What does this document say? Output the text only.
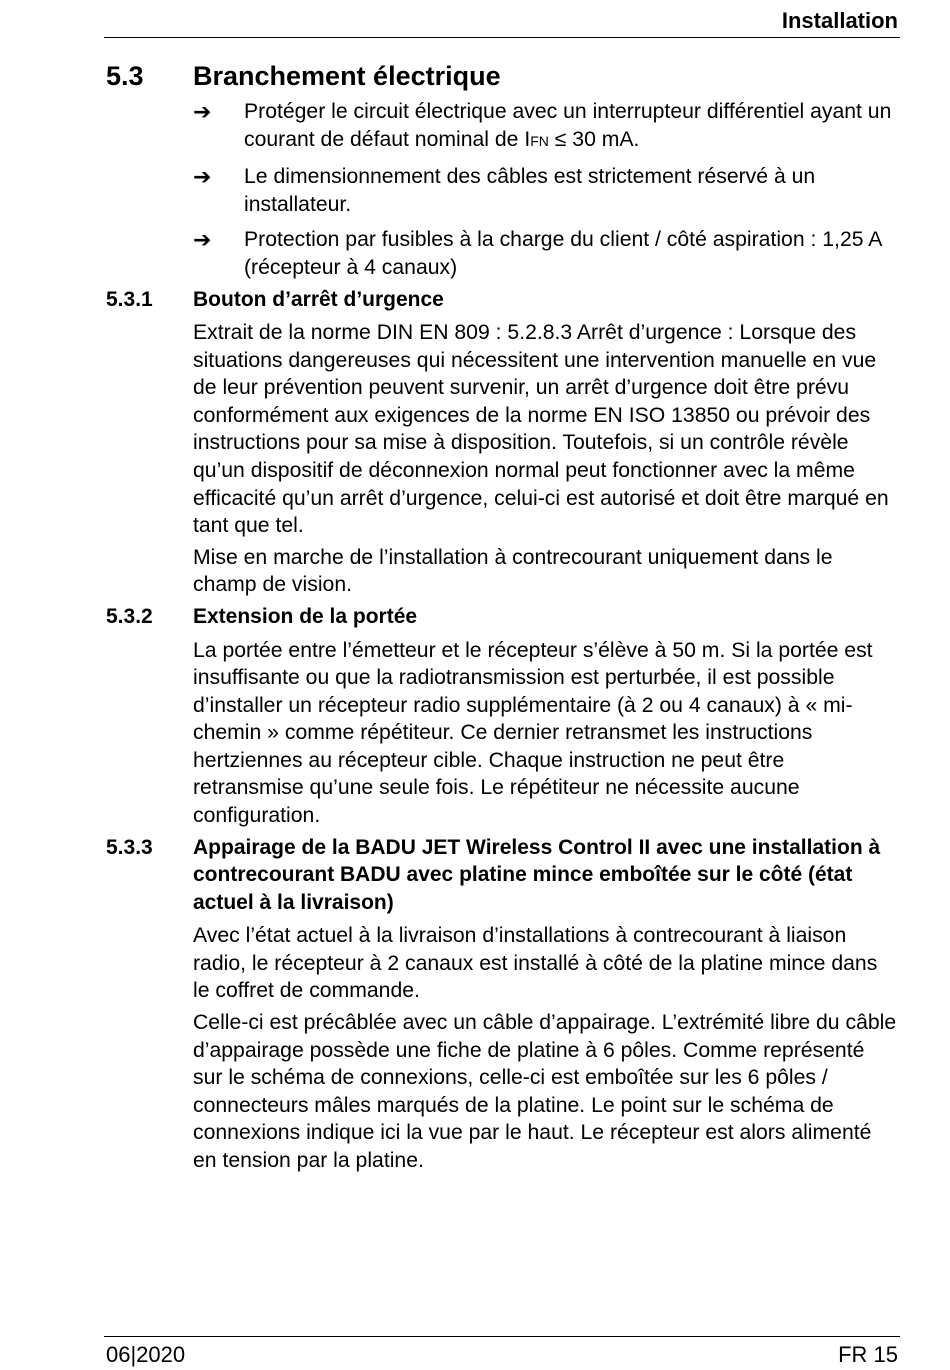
Installation
5.3	Branchement électrique
➔	Protéger le circuit électrique avec un interrupteur différentiel ayant un courant de défaut nominal de IFN ≤ 30 mA.
➔	Le dimensionnement des câbles est strictement réservé à un installateur.
➔	Protection par fusibles à la charge du client / côté aspiration : 1,25 A (récepteur à 4 canaux)
5.3.1	Bouton d’arrêt d’urgence

Extrait de la norme DIN EN 809 : 5.2.8.3 Arrêt d’urgence : Lorsque des situations dangereuses qui nécessitent une intervention manuelle en vue de leur prévention peuvent survenir, un arrêt d’urgence doit être prévu conformément aux exigences de la norme EN ISO 13850 ou prévoir des instructions pour sa mise à disposition. Toutefois, si un contrôle révèle qu’un dispositif de déconnexion normal peut fonctionner avec la même efficacité qu’un arrêt d’urgence, celui-ci est autorisé et doit être marqué en tant que tel.

Mise en marche de l’installation à contrecourant uniquement dans le champ de vision.

5.3.2	Extension de la portée

La portée entre l’émetteur et le récepteur s’élève à 50 m. Si la portée est insuffisante ou que la radiotransmission est perturbée, il est possible d’installer un récepteur radio supplémentaire (à 2 ou 4 canaux) à « mi-chemin » comme répétiteur. Ce dernier retransmet les instructions hertziennes au récepteur cible. Chaque instruction ne peut être retransmise qu’une seule fois. Le répétiteur ne nécessite aucune configuration.

5.3.3	Appairage de la BADU JET Wireless Control II avec une installation à contrecourant BADU avec platine mince emboîtée sur le côté (état actuel à la livraison)

Avec l’état actuel à la livraison d’installations à contrecourant à liaison radio, le récepteur à 2 canaux est installé à côté de la platine mince dans le coffret de commande.

Celle-ci est précâblée avec un câble d’appairage. L’extrémité libre du câble d’appairage possède une fiche de platine à 6 pôles. Comme représenté sur le schéma de connexions, celle-ci est emboîtée sur les 6 pôles / connecteurs mâles marqués de la platine. Le point sur le schéma de connexions indique ici la vue par le haut. Le récepteur est alors alimenté en tension par la platine.

06|2020	FR 15
